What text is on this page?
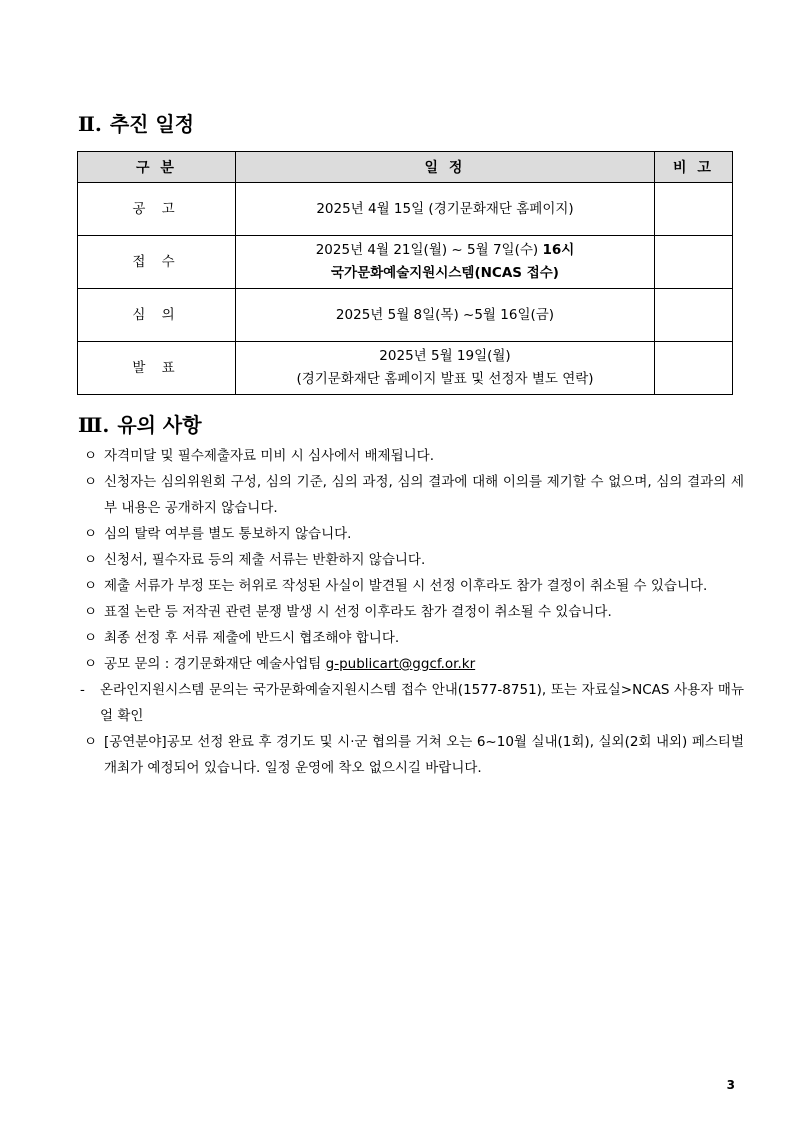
Ⅱ. 추진 일정
구 분	일 정	비 고
공 고	2025년 4월 15일 (경기문화재단 홈페이지)	
접 수	2025년 4월 21일(월) ~ 5월 7일(수) 16시
국가문화예술지원시스템(NCAS 접수)	
심 의	2025년 5월 8일(목) ~5월 16일(금)	
발 표	2025년 5월 19일(월)
(경기문화재단 홈페이지 발표 및 선정자 별도 연락)	
Ⅲ. 유의 사항

ㅇ 자격미달 및 필수제출자료 미비 시 심사에서 배제됩니다.

ㅇ 신청자는 심의위원회 구성, 심의 기준, 심의 과정, 심의 결과에 대해 이의를 제기할 수 없으며, 심의 결과의 세부 내용은 공개하지 않습니다.

ㅇ 심의 탈락 여부를 별도 통보하지 않습니다.

ㅇ 신청서, 필수자료 등의 제출 서류는 반환하지 않습니다.

ㅇ 제출 서류가 부정 또는 허위로 작성된 사실이 발견될 시 선정 이후라도 참가 결정이 취소될 수 있습니다.

ㅇ 표절 논란 등 저작권 관련 분쟁 발생 시 선정 이후라도 참가 결정이 취소될 수 있습니다.

ㅇ 최종 선정 후 서류 제출에 반드시 협조해야 합니다.

ㅇ 공모 문의 : 경기문화재단 예술사업팀 g-publicart@ggcf.or.kr

-	온라인지원시스템 문의는 국가문화예술지원시스템 접수 안내(1577-8751), 또는 자료실>NCAS 사용자 매뉴얼 확인

ㅇ [공연분야]공모 선정 완료 후 경기도 및 시·군 협의를 거쳐 오는 6~10월 실내(1회), 실외(2회 내외) 페스티벌 개최가 예정되어 있습니다. 일정 운영에 착오 없으시길 바랍니다.

3
